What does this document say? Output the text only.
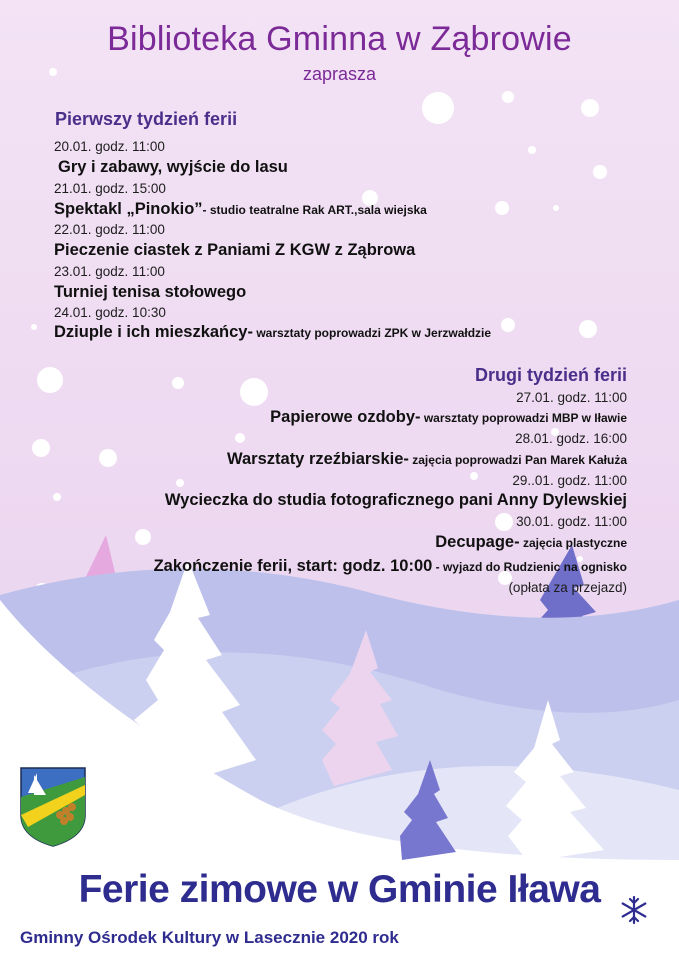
Biblioteka Gminna w Ząbrowie
zaprasza
Pierwszy tydzień ferii
20.01. godz. 11:00
Gry i zabawy, wyjście do lasu
21.01. godz. 15:00
Spektakl „Pinokio”- studio teatralne Rak ART.,sala wiejska
22.01. godz. 11:00
Pieczenie ciastek z Paniami Z KGW z Ząbrowa
23.01. godz. 11:00
Turniej tenisa stołowego
24.01. godz. 10:30
Dziuple i ich mieszkańcy- warsztaty poprowadzi ZPK w Jerzwałdzie
Drugi tydzień ferii
27.01. godz. 11:00
Papierowe ozdoby- warsztaty poprowadzi MBP w Iławie
28.01. godz. 16:00
Warsztaty rzeźbiarskie- zajęcia poprowadzi Pan Marek Kałuża
29..01. godz. 11:00
Wycieczka do studia fotograficznego pani Anny Dylewskiej
30.01. godz. 11:00
Decupage- zajęcia plastyczne
Zakończenie ferii, start: godz. 10:00 - wyjazd do Rudzienic na ognisko
(opłata za przejazd)
Ferie zimowe w Gminie Iława
Gminny Ośrodek Kultury w Lasecznie 2020 rok
